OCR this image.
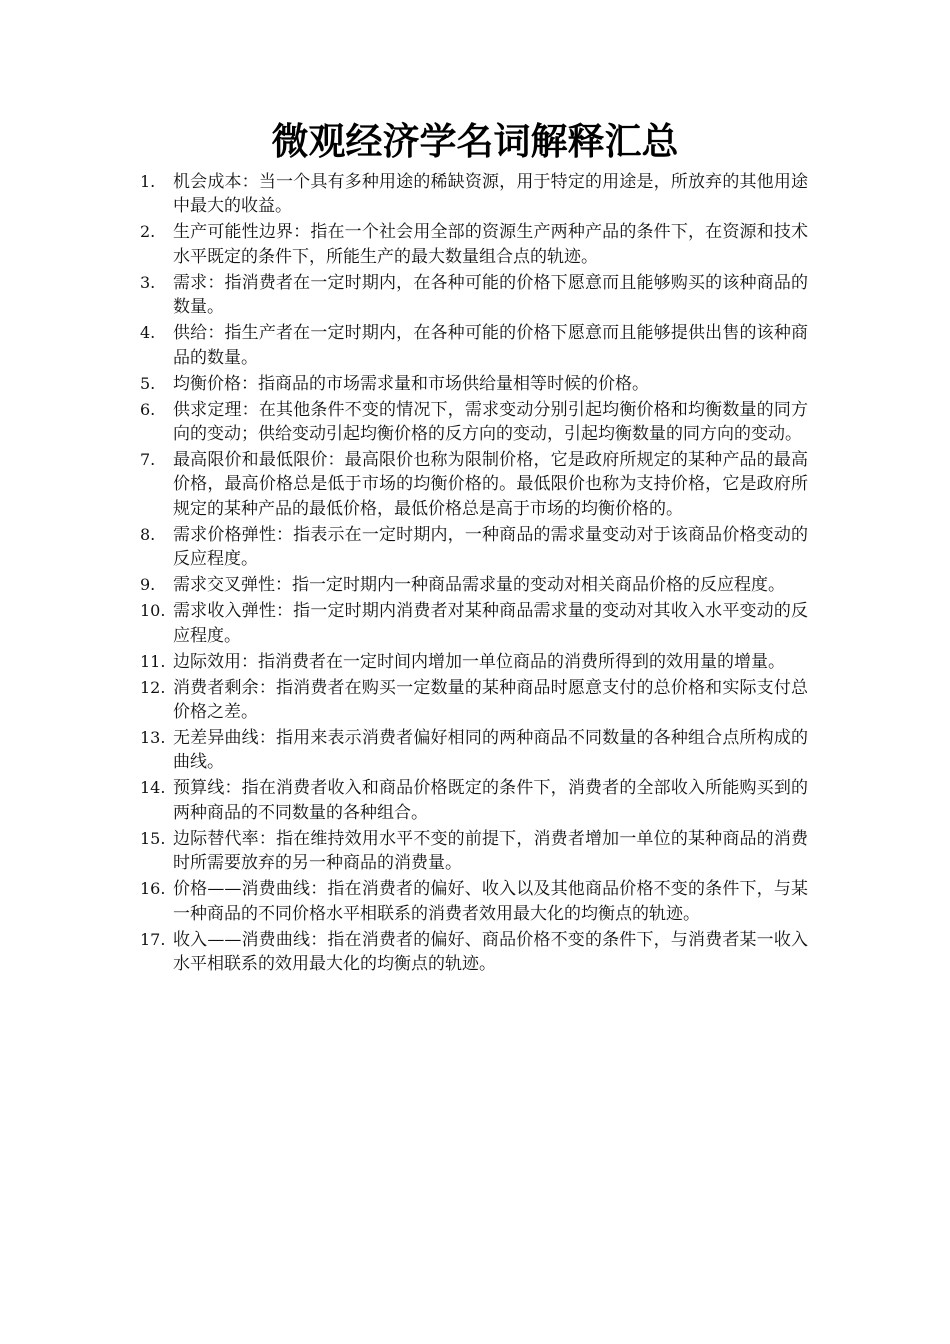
微观经济学名词解释汇总
1.	机会成本：当一个具有多种用途的稀缺资源，用于特定的用途是，所放弃的其他用途中最大的收益。
2.	生产可能性边界：指在一个社会用全部的资源生产两种产品的条件下，在资源和技术水平既定的条件下，所能生产的最大数量组合点的轨迹。
3.	需求：指消费者在一定时期内，在各种可能的价格下愿意而且能够购买的该种商品的数量。
4.	供给：指生产者在一定时期内，在各种可能的价格下愿意而且能够提供出售的该种商品的数量。
5.	均衡价格：指商品的市场需求量和市场供给量相等时候的价格。
6.	供求定理：在其他条件不变的情况下，需求变动分别引起均衡价格和均衡数量的同方向的变动；供给变动引起均衡价格的反方向的变动，引起均衡数量的同方向的变动。
7.	最高限价和最低限价：最高限价也称为限制价格，它是政府所规定的某种产品的最高价格，最高价格总是低于市场的均衡价格的。最低限价也称为支持价格，它是政府所规定的某种产品的最低价格，最低价格总是高于市场的均衡价格的。
8.	需求价格弹性：指表示在一定时期内，一种商品的需求量变动对于该商品价格变动的反应程度。
9.	需求交叉弹性：指一定时期内一种商品需求量的变动对相关商品价格的反应程度。
10. 需求收入弹性：指一定时期内消费者对某种商品需求量的变动对其收入水平变动的反应程度。
11. 边际效用：指消费者在一定时间内增加一单位商品的消费所得到的效用量的增量。
12. 消费者剩余：指消费者在购买一定数量的某种商品时愿意支付的总价格和实际支付总价格之差。
13. 无差异曲线：指用来表示消费者偏好相同的两种商品不同数量的各种组合点所构成的曲线。
14. 预算线：指在消费者收入和商品价格既定的条件下，消费者的全部收入所能购买到的两种商品的不同数量的各种组合。
15. 边际替代率：指在维持效用水平不变的前提下，消费者增加一单位的某种商品的消费时所需要放弃的另一种商品的消费量。
16. 价格——消费曲线：指在消费者的偏好、收入以及其他商品价格不变的条件下，与某一种商品的不同价格水平相联系的消费者效用最大化的均衡点的轨迹。
17. 收入——消费曲线：指在消费者的偏好、商品价格不变的条件下，与消费者某一收入水平相联系的效用最大化的均衡点的轨迹。
